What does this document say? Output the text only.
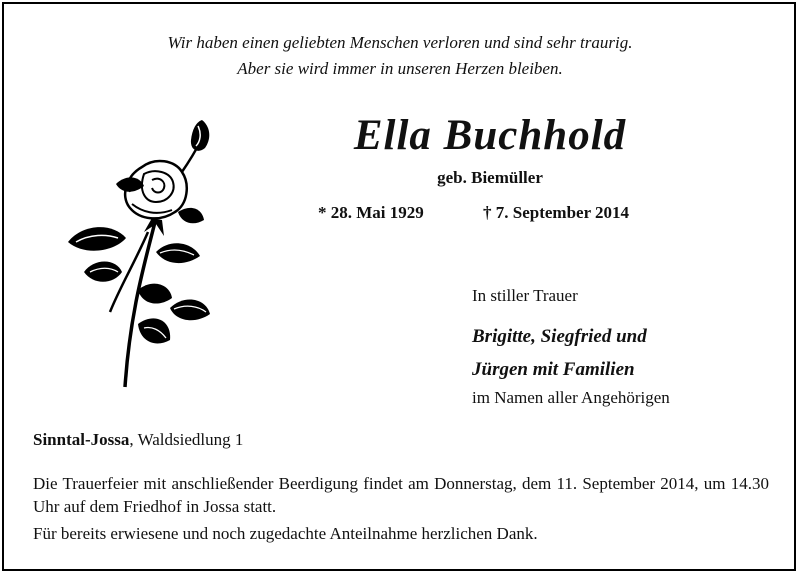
Wir haben einen geliebten Menschen verloren und sind sehr traurig.
Aber sie wird immer in unseren Herzen bleiben.
Ella Buchhold
geb. Biemüller
* 28. Mai 1929	† 7. September 2014
In stiller Trauer
Brigitte, Siegfried und
Jürgen mit Familien
im Namen aller Angehörigen
Sinntal-Jossa, Waldsiedlung 1
Die Trauerfeier mit anschließender Beerdigung findet am Donnerstag, dem 11. September 2014, um 14.30 Uhr auf dem Friedhof in Jossa statt.
Für bereits erwiesene und noch zugedachte Anteilnahme herzlichen Dank.
